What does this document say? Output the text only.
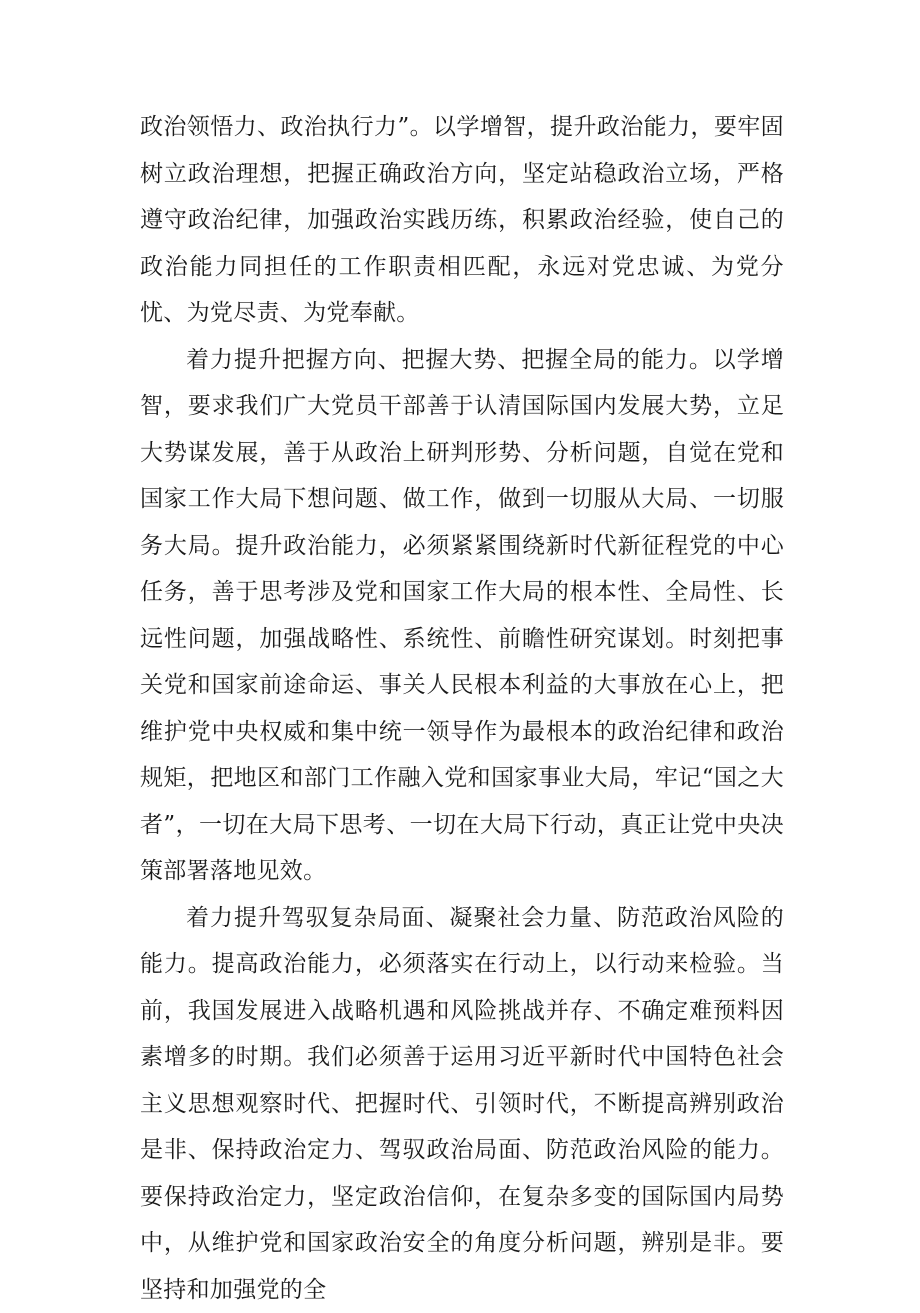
政治领悟力、政治执行力”。以学增智，提升政治能力，要牢固树立政治理想，把握正确政治方向，坚定站稳政治立场，严格遵守政治纪律，加强政治实践历练，积累政治经验，使自己的政治能力同担任的工作职责相匹配，永远对党忠诚、为党分忧、为党尽责、为党奉献。

着力提升把握方向、把握大势、把握全局的能力。以学增智，要求我们广大党员干部善于认清国际国内发展大势，立足大势谋发展，善于从政治上研判形势、分析问题，自觉在党和国家工作大局下想问题、做工作，做到一切服从大局、一切服务大局。提升政治能力，必须紧紧围绕新时代新征程党的中心任务，善于思考涉及党和国家工作大局的根本性、全局性、长远性问题，加强战略性、系统性、前瞻性研究谋划。时刻把事关党和国家前途命运、事关人民根本利益的大事放在心上，把维护党中央权威和集中统一领导作为最根本的政治纪律和政治规矩，把地区和部门工作融入党和国家事业大局，牢记“国之大者”，一切在大局下思考、一切在大局下行动，真正让党中央决策部署落地见效。

着力提升驾驭复杂局面、凝聚社会力量、防范政治风险的能力。提高政治能力，必须落实在行动上，以行动来检验。当前，我国发展进入战略机遇和风险挑战并存、不确定难预料因素增多的时期。我们必须善于运用习近平新时代中国特色社会主义思想观察时代、把握时代、引领时代，不断提高辨别政治是非、保持政治定力、驾驭政治局面、防范政治风险的能力。要保持政治定力，坚定政治信仰，在复杂多变的国际国内局势中，从维护党和国家政治安全的角度分析问题，辨别是非。要坚持和加强党的全
